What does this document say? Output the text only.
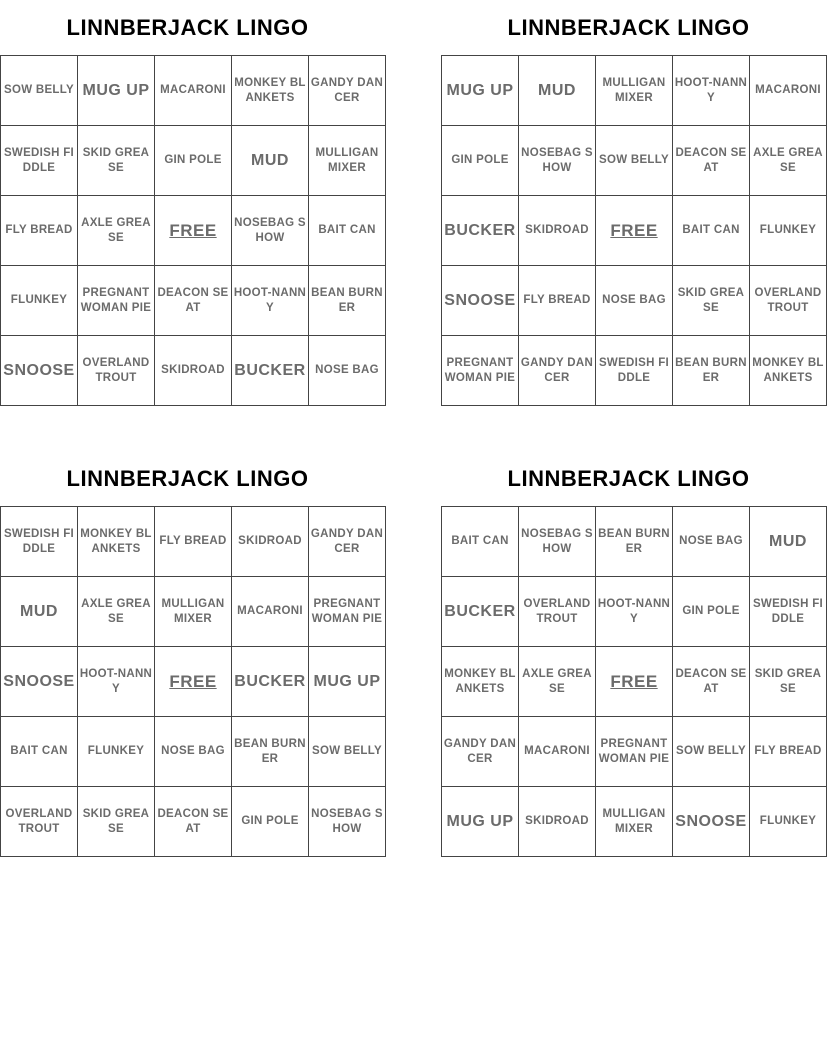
LINNBERJACK LINGO
SOW BELLY	MUG UP	MACARONI	MONKEY BLANKETS	GANDY DANCER
SWEDISH FIDDLE	SKID GREASE	GIN POLE	MUD	MULLIGAN MIXER
FLY BREAD	AXLE GREASE	FREE	NOSEBAG SHOW	BAIT CAN
FLUNKEY	PREGNANT WOMAN PIE	DEACON SEAT	HOOT-NANNY	BEAN BURNER
SNOOSE	OVERLAND TROUT	SKIDROAD	BUCKER	NOSE BAG
LINNBERJACK LINGO
MUG UP	MUD	MULLIGAN MIXER	HOOT-NANNY	MACARONI
GIN POLE	NOSEBAG SHOW	SOW BELLY	DEACON SEAT	AXLE GREASE
BUCKER	SKIDROAD	FREE	BAIT CAN	FLUNKEY
SNOOSE	FLY BREAD	NOSE BAG	SKID GREASE	OVERLAND TROUT
PREGNANT WOMAN PIE	GANDY DANCER	SWEDISH FIDDLE	BEAN BURNER	MONKEY BLANKETS
LINNBERJACK LINGO
SWEDISH FIDDLE	MONKEY BLANKETS	FLY BREAD	SKIDROAD	GANDY DANCER
MUD	AXLE GREASE	MULLIGAN MIXER	MACARONI	PREGNANT WOMAN PIE
SNOOSE	HOOT-NANNY	FREE	BUCKER	MUG UP
BAIT CAN	FLUNKEY	NOSE BAG	BEAN BURNER	SOW BELLY
OVERLAND TROUT	SKID GREASE	DEACON SEAT	GIN POLE	NOSEBAG SHOW
LINNBERJACK LINGO
BAIT CAN	NOSEBAG SHOW	BEAN BURNER	NOSE BAG	MUD
BUCKER	OVERLAND TROUT	HOOT-NANNY	GIN POLE	SWEDISH FIDDLE
MONKEY BLANKETS	AXLE GREASE	FREE	DEACON SEAT	SKID GREASE
GANDY DANCER	MACARONI	PREGNANT WOMAN PIE	SOW BELLY	FLY BREAD
MUG UP	SKIDROAD	MULLIGAN MIXER	SNOOSE	FLUNKEY
